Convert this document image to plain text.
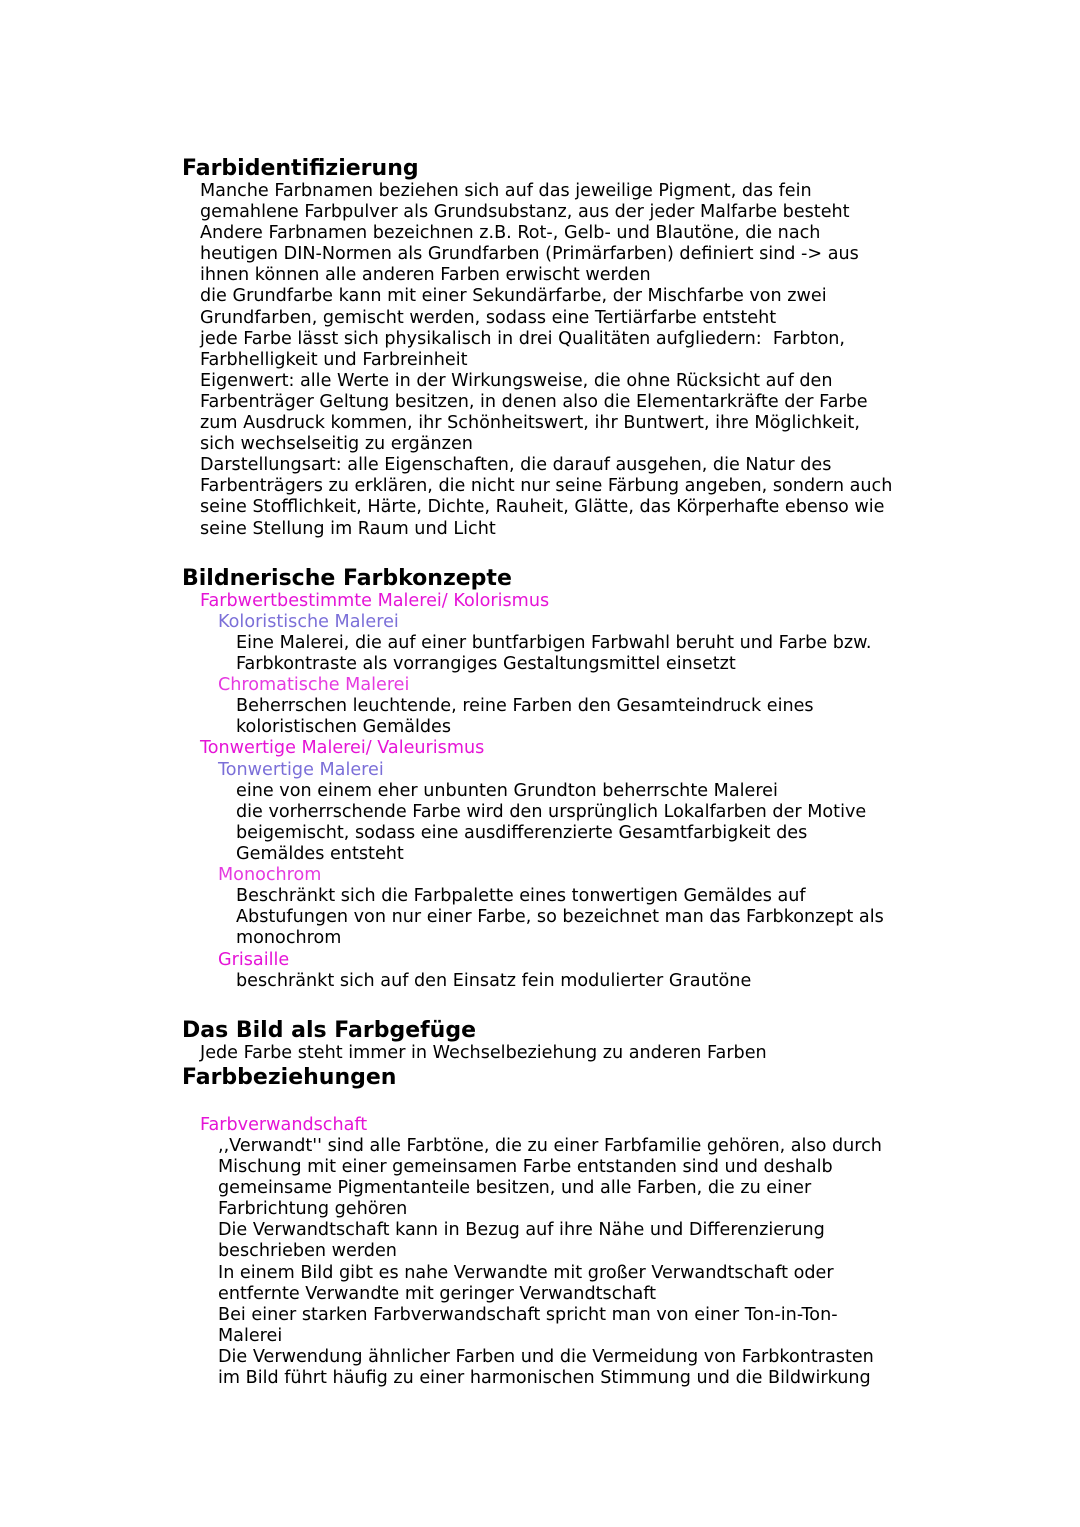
Farbidentifizierung
Manche Farbnamen beziehen sich auf das jeweilige Pigment, das fein
gemahlene Farbpulver als Grundsubstanz, aus der jeder Malfarbe besteht
Andere Farbnamen bezeichnen z.B. Rot-, Gelb- und Blautöne, die nach
heutigen DIN-Normen als Grundfarben (Primärfarben) definiert sind -> aus
ihnen können alle anderen Farben erwischt werden
die Grundfarbe kann mit einer Sekundärfarbe, der Mischfarbe von zwei
Grundfarben, gemischt werden, sodass eine Tertiärfarbe entsteht
jede Farbe lässt sich physikalisch in drei Qualitäten aufgliedern:  Farbton,
Farbhelligkeit und Farbreinheit
Eigenwert: alle Werte in der Wirkungsweise, die ohne Rücksicht auf den
Farbenträger Geltung besitzen, in denen also die Elementarkräfte der Farbe
zum Ausdruck kommen, ihr Schönheitswert, ihr Buntwert, ihre Möglichkeit,
sich wechselseitig zu ergänzen
Darstellungsart: alle Eigenschaften, die darauf ausgehen, die Natur des
Farbenträgers zu erklären, die nicht nur seine Färbung angeben, sondern auch
seine Stofflichkeit, Härte, Dichte, Rauheit, Glätte, das Körperhafte ebenso wie
seine Stellung im Raum und Licht
Bildnerische Farbkonzepte
Farbwertbestimmte Malerei/ Kolorismus
Koloristische Malerei
Eine Malerei, die auf einer buntfarbigen Farbwahl beruht und Farbe bzw.
Farbkontraste als vorrangiges Gestaltungsmittel einsetzt
Chromatische Malerei
Beherrschen leuchtende, reine Farben den Gesamteindruck eines
koloristischen Gemäldes
Tonwertige Malerei/ Valeurismus
Tonwertige Malerei
eine von einem eher unbunten Grundton beherrschte Malerei
die vorherrschende Farbe wird den ursprünglich Lokalfarben der Motive
beigemischt, sodass eine ausdifferenzierte Gesamtfarbigkeit des
Gemäldes entsteht
Monochrom
Beschränkt sich die Farbpalette eines tonwertigen Gemäldes auf
Abstufungen von nur einer Farbe, so bezeichnet man das Farbkonzept als
monochrom
Grisaille
beschränkt sich auf den Einsatz fein modulierter Grautöne
Das Bild als Farbgefüge
Jede Farbe steht immer in Wechselbeziehung zu anderen Farben
Farbbeziehungen
Farbverwandschaft
,,Verwandt'' sind alle Farbtöne, die zu einer Farbfamilie gehören, also durch
Mischung mit einer gemeinsamen Farbe entstanden sind und deshalb
gemeinsame Pigmentanteile besitzen, und alle Farben, die zu einer
Farbrichtung gehören
Die Verwandtschaft kann in Bezug auf ihre Nähe und Differenzierung
beschrieben werden
In einem Bild gibt es nahe Verwandte mit großer Verwandtschaft oder
entfernte Verwandte mit geringer Verwandtschaft
Bei einer starken Farbverwandschaft spricht man von einer Ton-in-Ton-
Malerei
Die Verwendung ähnlicher Farben und die Vermeidung von Farbkontrasten
im Bild führt häufig zu einer harmonischen Stimmung und die Bildwirkung
